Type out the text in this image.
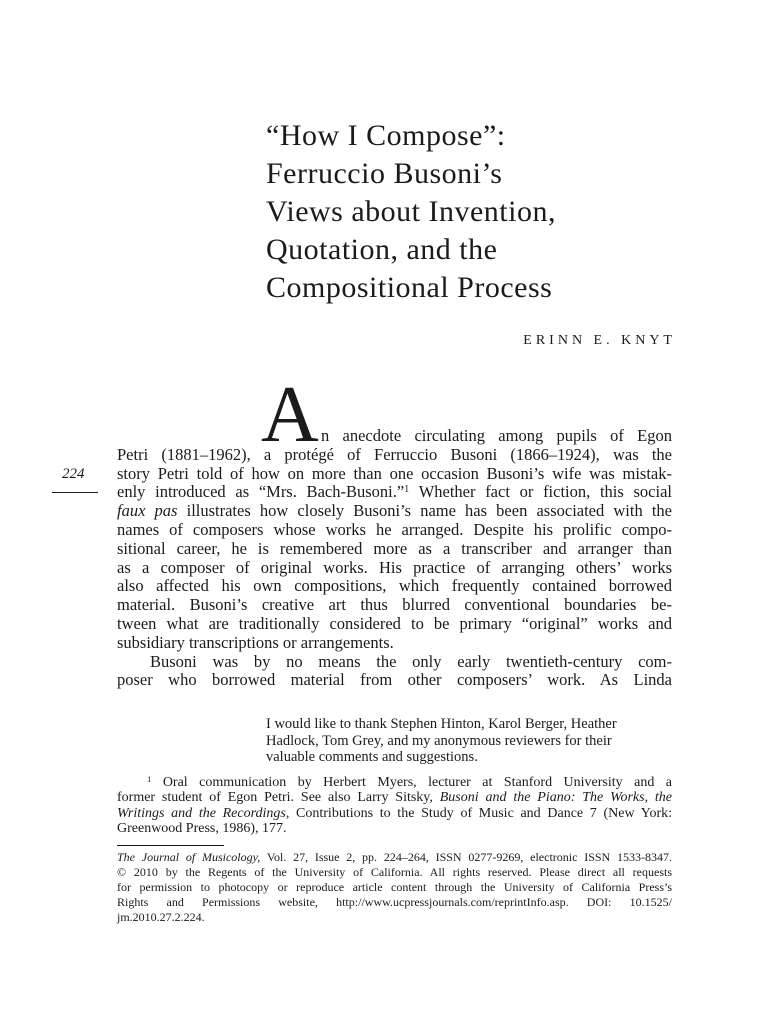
“How I Compose”:
Ferruccio Busoni’s
Views about Invention,
Quotation, and the
Compositional Process
ERINN E. KNYT
224
A n anecdote circulating among pupils of Egon
Petri (1881–1962), a protégé of Ferruccio Busoni (1866–1924), was the
story Petri told of how on more than one occasion Busoni’s wife was mistak-
enly introduced as “Mrs. Bach-Busoni.”$^1$ Whether fact or fiction, this social
faux pas illustrates how closely Busoni’s name has been associated with the
names of composers whose works he arranged. Despite his prolific compo-
sitional career, he is remembered more as a transcriber and arranger than
as a composer of original works. His practice of arranging others’ works
also affected his own compositions, which frequently contained borrowed
material. Busoni’s creative art thus blurred conventional boundaries be-
tween what are traditionally considered to be primary “original” works and
subsidiary transcriptions or arrangements.
Busoni was by no means the only early twentieth-century com-
poser who borrowed material from other composers’ work. As Linda
I would like to thank Stephen Hinton, Karol Berger, Heather
Hadlock, Tom Grey, and my anonymous reviewers for their
valuable comments and suggestions.
$^1$ Oral communication by Herbert Myers, lecturer at Stanford University and a
former student of Egon Petri. See also Larry Sitsky, Busoni and the Piano: The Works, the
Writings and the Recordings, Contributions to the Study of Music and Dance 7 (New York:
Greenwood Press, 1986), 177.
The Journal of Musicology, Vol. 27, Issue 2, pp. 224–264, ISSN 0277-9269, electronic ISSN 1533-8347.
© 2010 by the Regents of the University of California. All rights reserved. Please direct all requests
for permission to photocopy or reproduce article content through the University of California Press’s
Rights and Permissions website, http://www.ucpressjournals.com/reprintInfo.asp. DOI: 10.1525/
jm.2010.27.2.224.
